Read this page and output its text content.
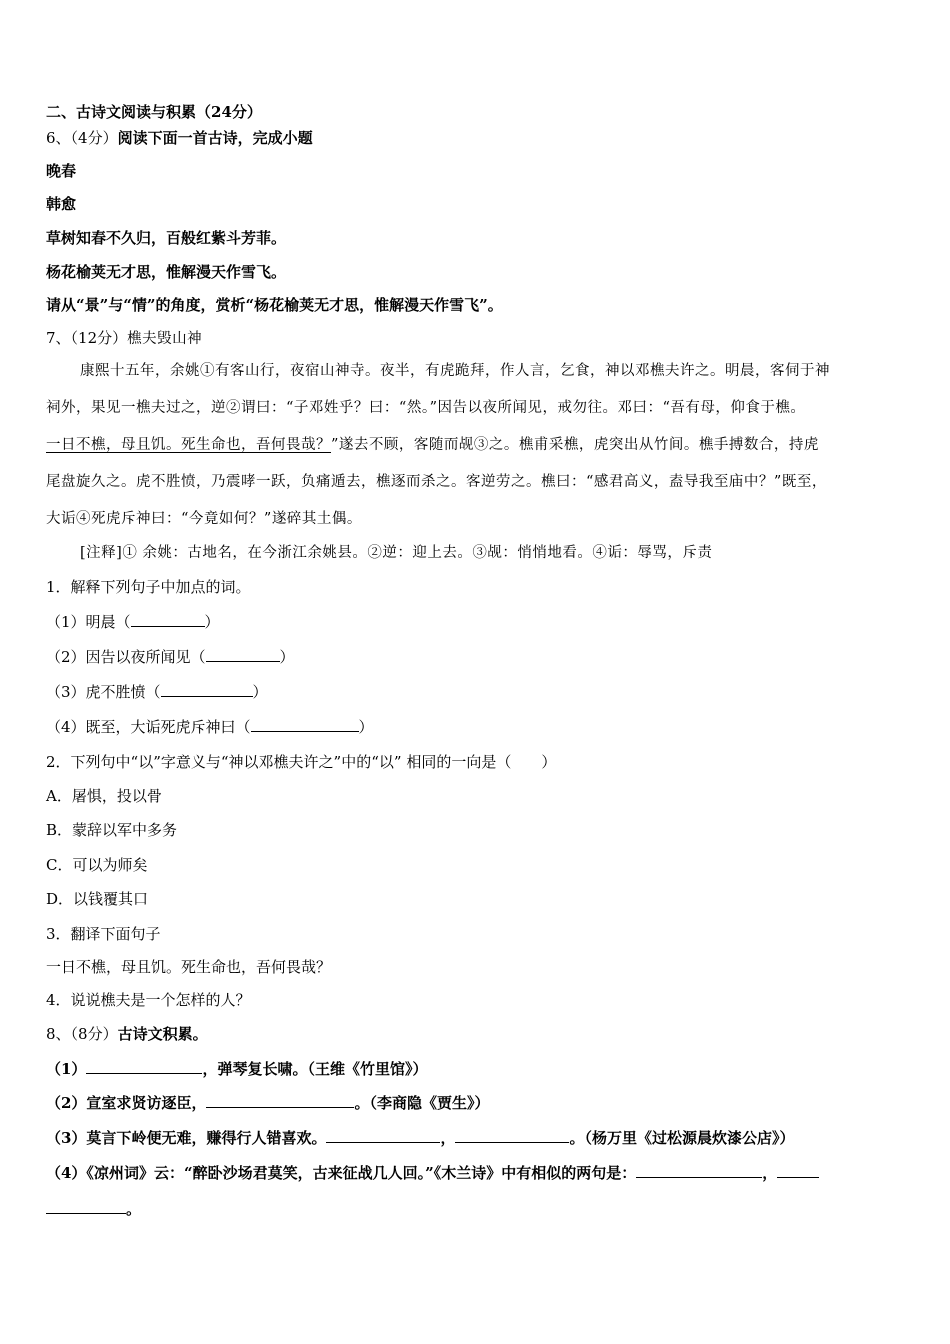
二、古诗文阅读与积累（24分）
6、（4分）阅读下面一首古诗，完成小题
晚春
韩愈
草树知春不久归，百般红紫斗芳菲。
杨花榆荚无才思，惟解漫天作雪飞。
请从“景”与“情”的角度，赏析“杨花榆荚无才思，惟解漫天作雪飞”。
7、（12分）樵夫毁山神
康熙十五年，余姚①有客山行，夜宿山神寺。夜半，有虎跪拜，作人言，乞食，神以邓樵夫许之。明晨，客伺于神
祠外，果见一樵夫过之，逆②谓曰：“子邓姓乎？曰：“然。”因告以夜所闻见，戒勿往。邓曰：“吾有母，仰食于樵。
一日不樵，母且饥。死生命也，吾何畏哉？”遂去不顾，客随而觇③之。樵甫采樵，虎突出从竹间。樵手搏数合，持虎
尾盘旋久之。虎不胜愤，乃震哮一跃，负痛遁去，樵逐而杀之。客逆劳之。樵曰：“感君高义，盍导我至庙中？”既至，
大诟④死虎斥神曰：“今竟如何？”遂碎其土偶。
[注释]① 余姚：古地名，在今浙江余姚县。②逆：迎上去。③觇：悄悄地看。④诟：辱骂，斥责
1．解释下列句子中加点的词。
（1）明晨（	）
（2）因告以夜所闻见（	）
（3）虎不胜愤（	）
（4）既至，大诟死虎斥神曰（	）
2．下列句中“以”字意义与“神以邓樵夫许之”中的“以” 相同的一向是（　　）
A．屠惧，投以骨
B．蒙辞以军中多务
C．可以为师矣
D．以钱覆其口
3．翻译下面句子
一日不樵，母且饥。死生命也，吾何畏哉？
4．说说樵夫是一个怎样的人？
8、（8分）古诗文积累。
（1）	，弹琴复长啸。（王维《竹里馆》）
（2）宣室求贤访逐臣，	。（李商隐《贾生》）
（3）莫言下岭便无难，赚得行人错喜欢。	，	。（杨万里《过松源晨炊漆公店》）
（4）《凉州词》云：“醉卧沙场君莫笑，古来征战几人回。”《木兰诗》中有相似的两句是：	，
。
